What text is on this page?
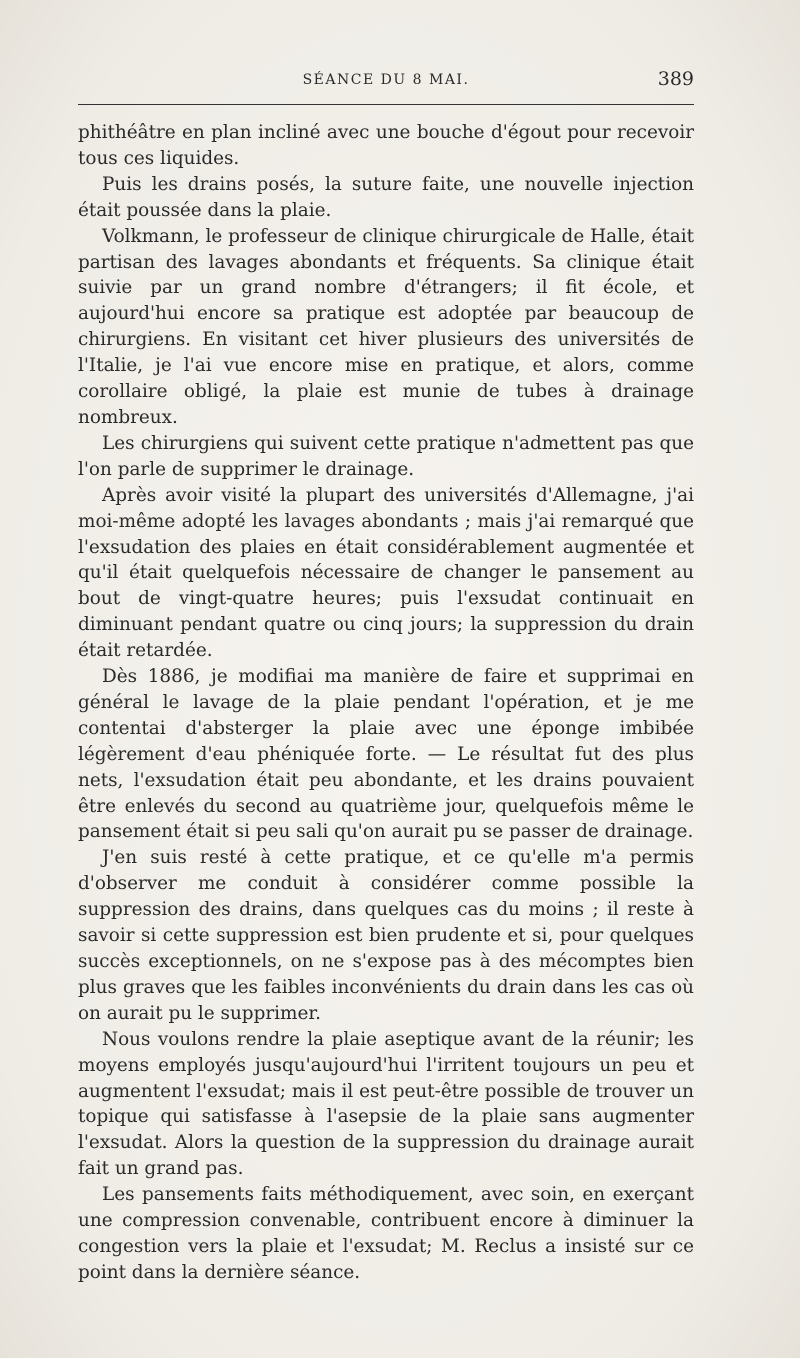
SÉANCE DU 8 MAI.	389

phithéâtre en plan incliné avec une bouche d'égout pour recevoir tous ces liquides.

Puis les drains posés, la suture faite, une nouvelle injection était poussée dans la plaie.

Volkmann, le professeur de clinique chirurgicale de Halle, était partisan des lavages abondants et fréquents. Sa clinique était suivie par un grand nombre d'étrangers; il fit école, et aujourd'hui encore sa pratique est adoptée par beaucoup de chirurgiens. En visitant cet hiver plusieurs des universités de l'Italie, je l'ai vue encore mise en pratique, et alors, comme corollaire obligé, la plaie est munie de tubes à drainage nombreux.

Les chirurgiens qui suivent cette pratique n'admettent pas que l'on parle de supprimer le drainage.

Après avoir visité la plupart des universités d'Allemagne, j'ai moi-même adopté les lavages abondants ; mais j'ai remarqué que l'exsudation des plaies en était considérablement augmentée et qu'il était quelquefois nécessaire de changer le pansement au bout de vingt-quatre heures; puis l'exsudat continuait en diminuant pendant quatre ou cinq jours; la suppression du drain était retardée.

Dès 1886, je modifiai ma manière de faire et supprimai en général le lavage de la plaie pendant l'opération, et je me contentai d'absterger la plaie avec une éponge imbibée légèrement d'eau phéniquée forte. — Le résultat fut des plus nets, l'exsudation était peu abondante, et les drains pouvaient être enlevés du second au quatrième jour, quelquefois même le pansement était si peu sali qu'on aurait pu se passer de drainage.

J'en suis resté à cette pratique, et ce qu'elle m'a permis d'observer me conduit à considérer comme possible la suppression des drains, dans quelques cas du moins ; il reste à savoir si cette suppression est bien prudente et si, pour quelques succès exceptionnels, on ne s'expose pas à des mécomptes bien plus graves que les faibles inconvénients du drain dans les cas où on aurait pu le supprimer.

Nous voulons rendre la plaie aseptique avant de la réunir; les moyens employés jusqu'aujourd'hui l'irritent toujours un peu et augmentent l'exsudat; mais il est peut-être possible de trouver un topique qui satisfasse à l'asepsie de la plaie sans augmenter l'exsudat. Alors la question de la suppression du drainage aurait fait un grand pas.

Les pansements faits méthodiquement, avec soin, en exerçant une compression convenable, contribuent encore à diminuer la congestion vers la plaie et l'exsudat; M. Reclus a insisté sur ce point dans la dernière séance.
